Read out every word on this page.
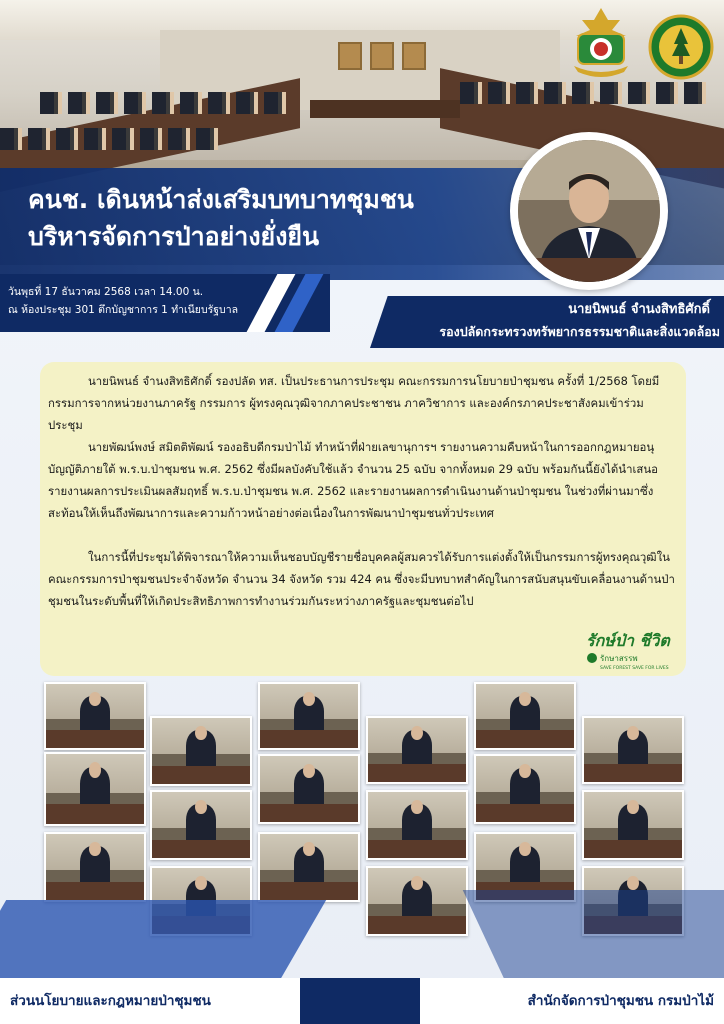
คนช. เดินหน้าส่งเสริมบทบาทชุมชน
บริหารจัดการป่าอย่างยั่งยืน
วันพุธที่ 17 ธันวาคม 2568 เวลา 14.00 น.
ณ ห้องประชุม 301 ตึกบัญชาการ 1 ทำเนียบรัฐบาล	นายนิพนธ์ จำนงสิทธิศักดิ์
รองปลัดกระทรวงทรัพยากรธรรมชาติและสิ่งแวดล้อม

นายนิพนธ์ จำนงสิทธิศักดิ์ รองปลัด ทส. เป็นประธานการประชุม คณะกรรมการนโยบายป่าชุมชน ครั้งที่ 1/2568 โดยมี กรรมการจากหน่วยงานภาครัฐ กรรมการ ผู้ทรงคุณวุฒิจากภาคประชาชน ภาควิชาการ และองค์กรภาคประชาสังคมเข้าร่วมประชุม

นายพัฒน์พงษ์ สมิตติพัฒน์ รองอธิบดีกรมป่าไม้ ทำหน้าที่ฝ่ายเลขานุการฯ รายงานความคืบหน้าในการออกกฎหมายอนุบัญญัติภายใต้ พ.ร.บ.ป่าชุมชน พ.ศ. 2562 ซึ่งมีผลบังคับใช้แล้ว จำนวน 25 ฉบับ จากทั้งหมด 29 ฉบับ พร้อมกันนี้ยังได้นำเสนอรายงานผลการประเมินผลสัมฤทธิ์ พ.ร.บ.ป่าชุมชน พ.ศ. 2562 และรายงานผลการดำเนินงานด้านป่าชุมชน ในช่วงที่ผ่านมาซึ่งสะท้อนให้เห็นถึงพัฒนาการและความก้าวหน้าอย่างต่อเนื่องในการพัฒนาป่าชุมชนทั่วประเทศ

ในการนี้ที่ประชุมได้พิจารณาให้ความเห็นชอบบัญชีรายชื่อบุคคลผู้สมควรได้รับการแต่งตั้งให้เป็นกรรมการผู้ทรงคุณวุฒิในคณะกรรมการป่าชุมชนประจำจังหวัด จำนวน 34 จังหวัด รวม 424 คน ซึ่งจะมีบทบาทสำคัญในการสนับสนุนขับเคลื่อนงานด้านป่าชุมชนในระดับพื้นที่ให้เกิดประสิทธิภาพการทำงานร่วมกันระหว่างภาครัฐและชุมชนต่อไป

รักษ์ป่า ชีวิต
รักษาสรรพ
SAVE FOREST SAVE FOR LIVES
ส่วนนโยบายและกฎหมายป่าชุมชน	สำนักจัดการป่าชุมชน กรมป่าไม้
